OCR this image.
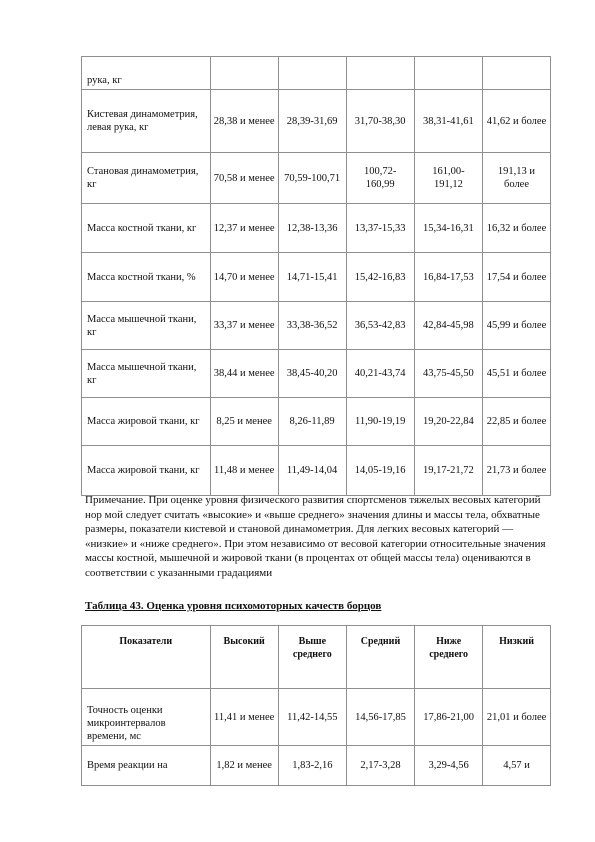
рука, кг					
Кистевая динамометрия, левая рука, кг	28,38 и менее	28,39-31,69	31,70-38,30	38,31-41,61	41,62 и более
Становая динамометрия, кг	70,58 и менее	70,59-100,71	100,72-160,99	161,00-191,12	191,13 и более
Масса костной ткани, кг	12,37 и менее	12,38-13,36	13,37-15,33	15,34-16,31	16,32 и более
Масса костной ткани, %	14,70 и менее	14,71-15,41	15,42-16,83	16,84-17,53	17,54 и более
Масса мышечной ткани, кг	33,37 и менее	33,38-36,52	36,53-42,83	42,84-45,98	45,99 и более
Масса мышечной ткани, кг	38,44 и менее	38,45-40,20	40,21-43,74	43,75-45,50	45,51 и более
Масса жировой ткани, кг	8,25 и менее	8,26-11,89	11,90-19,19	19,20-22,84	22,85 и более
Масса жировой ткани, кг	11,48 и менее	11,49-14,04	14,05-19,16	19,17-21,72	21,73 и более

Примечание. При оценке уровня физического развития спортсменов тяжелых весовых категорий нор мой следует считать «высокие» и «выше среднего» значения длины и массы тела, обхватные размеры, показатели кистевой и становой динамометрия. Для легких весовых категорий — «низкие» и «ниже среднего». При этом независимо от весовой категории относительные значения массы костной, мышечной и жировой ткани (в процентах от общей массы тела) оцениваются в соответствии с указанными градациями

Таблица 43. Оценка уровня психомоторных качеств борцов

Показатели	Высокий	Выше среднего	Средний	Ниже среднего	Низкий
Точность оценки микроинтервалов времени, мс	11,41 и менее	11,42-14,55	14,56-17,85	17,86-21,00	21,01 и более
Время реакции на	1,82 и менее	1,83-2,16	2,17-3,28	3,29-4,56	4,57 и
